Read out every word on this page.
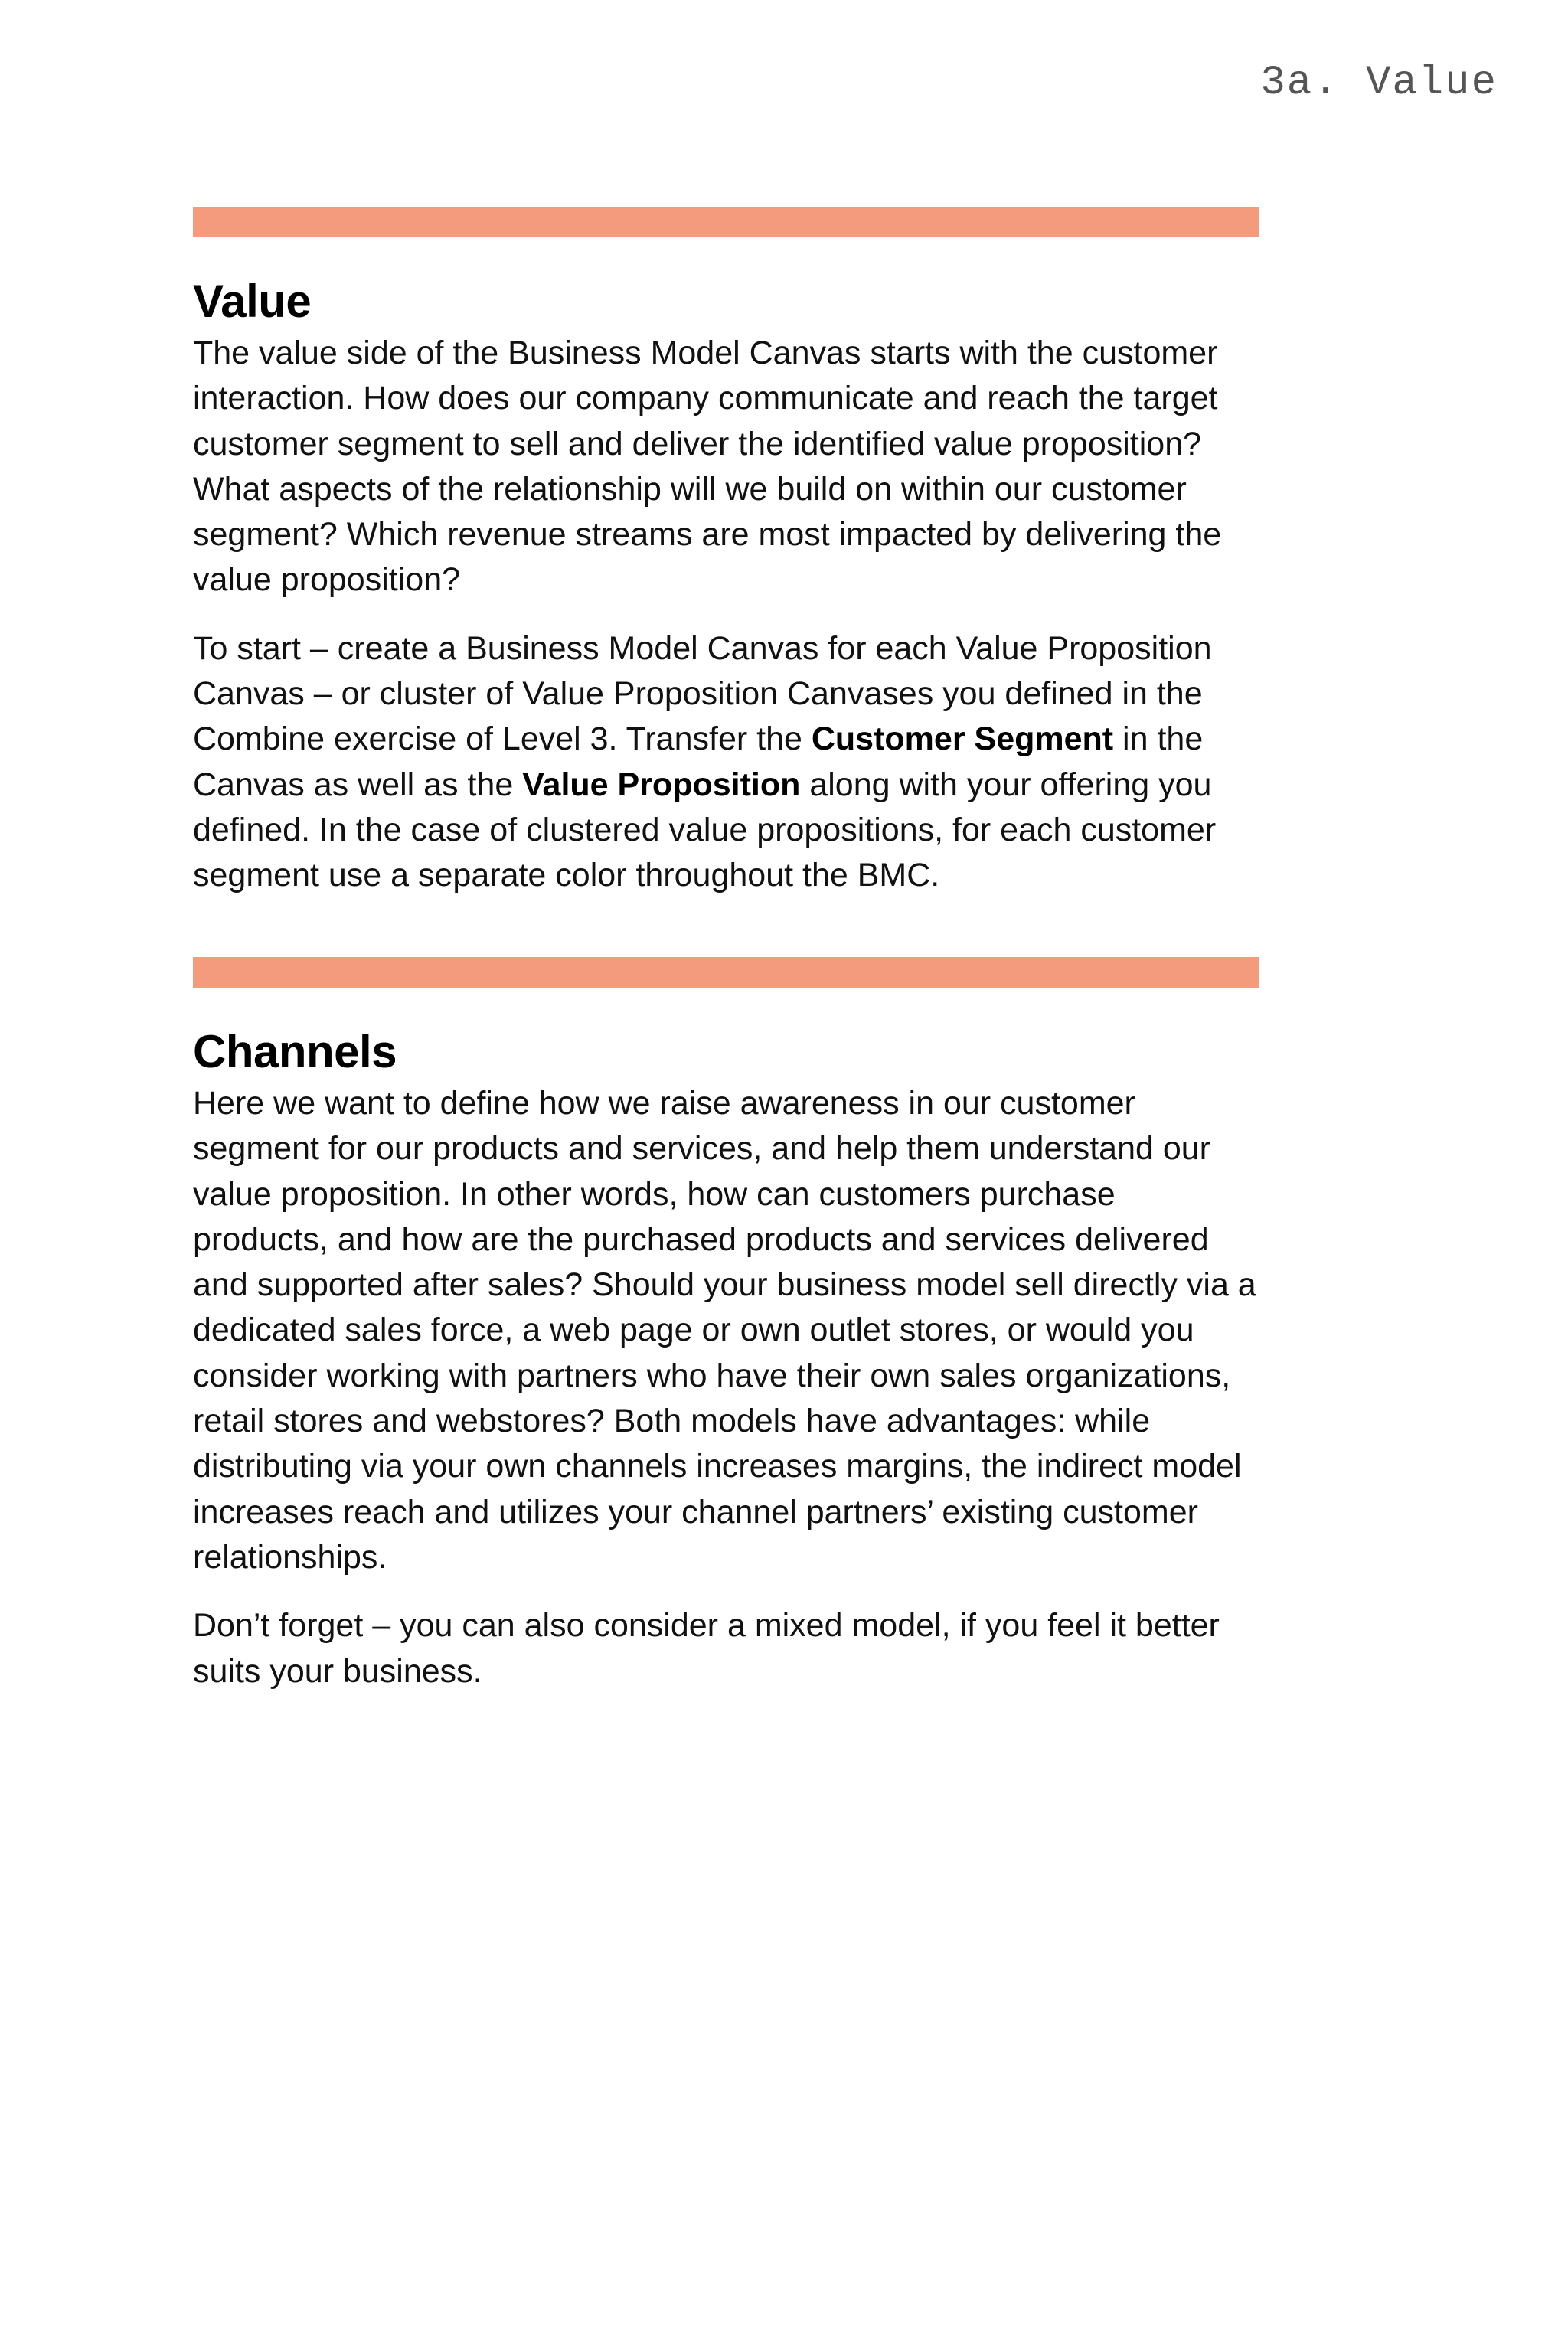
3a. Value
Value

The value side of the Business Model Canvas starts with the customer interaction. How does our company communicate and reach the target customer segment to sell and deliver the identified value proposition? What aspects of the relationship will we build on within our customer segment? Which revenue streams are most impacted by delivering the value proposition?

To start – create a Business Model Canvas for each Value Proposition Canvas – or cluster of Value Proposition Canvases you defined in the Combine exercise of Level 3. Transfer the Customer Segment in the Canvas as well as the Value Proposition along with your offering you defined. In the case of clustered value propositions, for each customer segment use a separate color throughout the BMC.

Channels

Here we want to define how we raise awareness in our customer segment for our products and services, and help them understand our value proposition. In other words, how can customers purchase products, and how are the purchased products and services delivered and supported after sales? Should your business model sell directly via a dedicated sales force, a web page or own outlet stores, or would you consider working with partners who have their own sales organizations, retail stores and webstores? Both models have advantages: while distributing via your own channels increases margins, the indirect model increases reach and utilizes your channel partners’ existing customer relationships.

Don’t forget – you can also consider a mixed model, if you feel it better suits your business.
